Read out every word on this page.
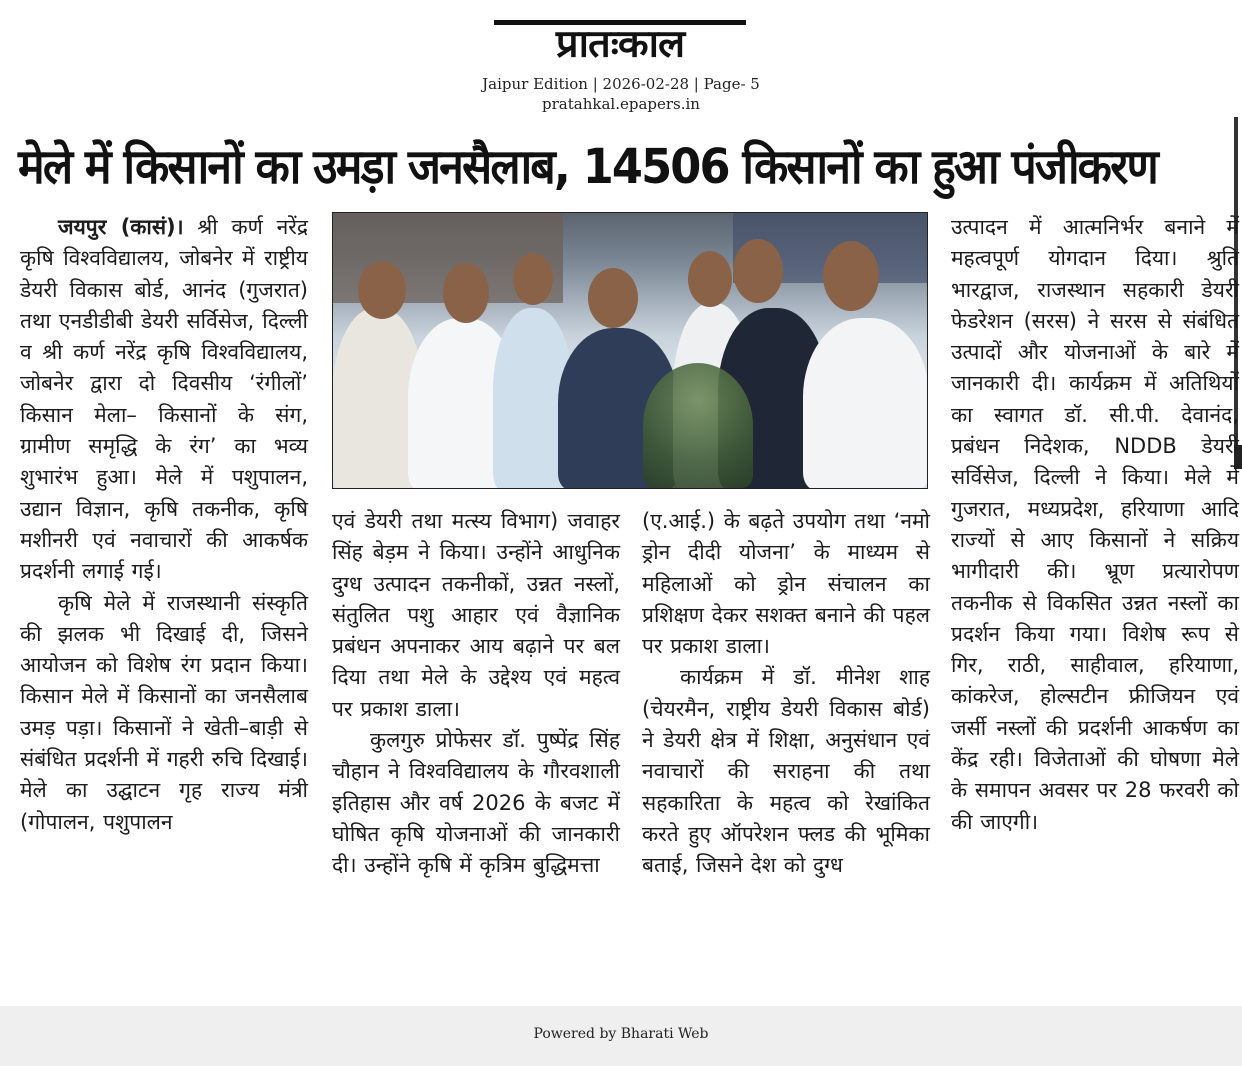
प्रातःकाल
Jaipur Edition | 2026-02-28 | Page- 5
pratahkal.epapers.in
मेले में किसानों का उमड़ा जनसैलाब, 14506 किसानों का हुआ पंजीकरण

जयपुर (कासं)। श्री कर्ण नरेंद्र कृषि विश्वविद्यालय, जोबनेर में राष्ट्रीय डेयरी विकास बोर्ड, आनंद (गुजरात) तथा एनडीडीबी डेयरी सर्विसेज, दिल्ली व श्री कर्ण नरेंद्र कृषि विश्वविद्यालय, जोबनेर द्वारा दो दिवसीय ‘रंगीलों’ किसान मेला– किसानों के संग, ग्रामीण समृद्धि के रंग’ का भव्य शुभारंभ हुआ। मेले में पशुपालन, उद्यान विज्ञान, कृषि तकनीक, कृषि मशीनरी एवं नवाचारों की आकर्षक प्रदर्शनी लगाई गई।

कृषि मेले में राजस्थानी संस्कृति की झलक भी दिखाई दी, जिसने आयोजन को विशेष रंग प्रदान किया। किसान मेले में किसानों का जनसैलाब उमड़ पड़ा। किसानों ने खेती–बाड़ी से संबंधित प्रदर्शनी में गहरी रुचि दिखाई। मेले का उद्घाटन गृह राज्य मंत्री (गोपालन, पशुपालन

एवं डेयरी तथा मत्स्य विभाग) जवाहर सिंह बेड़म ने किया। उन्होंने आधुनिक दुग्ध उत्पादन तकनीकों, उन्नत नस्लों, संतुलित पशु आहार एवं वैज्ञानिक प्रबंधन अपनाकर आय बढ़ाने पर बल दिया तथा मेले के उद्देश्य एवं महत्व पर प्रकाश डाला।

कुलगुरु प्रोफेसर डॉ. पुष्पेंद्र सिंह चौहान ने विश्वविद्यालय के गौरवशाली इतिहास और वर्ष 2026 के बजट में घोषित कृषि योजनाओं की जानकारी दी। उन्होंने कृषि में कृत्रिम बुद्धिमत्ता

(ए.आई.) के बढ़ते उपयोग तथा ‘नमो ड्रोन दीदी योजना’ के माध्यम से महिलाओं को ड्रोन संचालन का प्रशिक्षण देकर सशक्त बनाने की पहल पर प्रकाश डाला।

कार्यक्रम में डॉ. मीनेश शाह (चेयरमैन, राष्ट्रीय डेयरी विकास बोर्ड) ने डेयरी क्षेत्र में शिक्षा, अनुसंधान एवं नवाचारों की सराहना की तथा सहकारिता के महत्व को रेखांकित करते हुए ऑपरेशन फ्लड की भूमिका बताई, जिसने देश को दुग्ध

उत्पादन में आत्मनिर्भर बनाने में महत्वपूर्ण योगदान दिया। श्रुति भारद्वाज, राजस्थान सहकारी डेयरी फेडरेशन (सरस) ने सरस से संबंधित उत्पादों और योजनाओं के बारे में जानकारी दी। कार्यक्रम में अतिथियों का स्वागत डॉ. सी.पी. देवानंद, प्रबंधन निदेशक, NDDB डेयरी सर्विसेज, दिल्ली ने किया। मेले में गुजरात, मध्यप्रदेश, हरियाणा आदि राज्यों से आए किसानों ने सक्रिय भागीदारी की। भ्रूण प्रत्यारोपण तकनीक से विकसित उन्नत नस्लों का प्रदर्शन किया गया। विशेष रूप से गिर, राठी, साहीवाल, हरियाणा, कांकरेज, होल्सटीन फ्रीजियन एवं जर्सी नस्लों की प्रदर्शनी आकर्षण का केंद्र रही। विजेताओं की घोषणा मेले के समापन अवसर पर 28 फरवरी को की जाएगी।

Powered by Bharati Web
